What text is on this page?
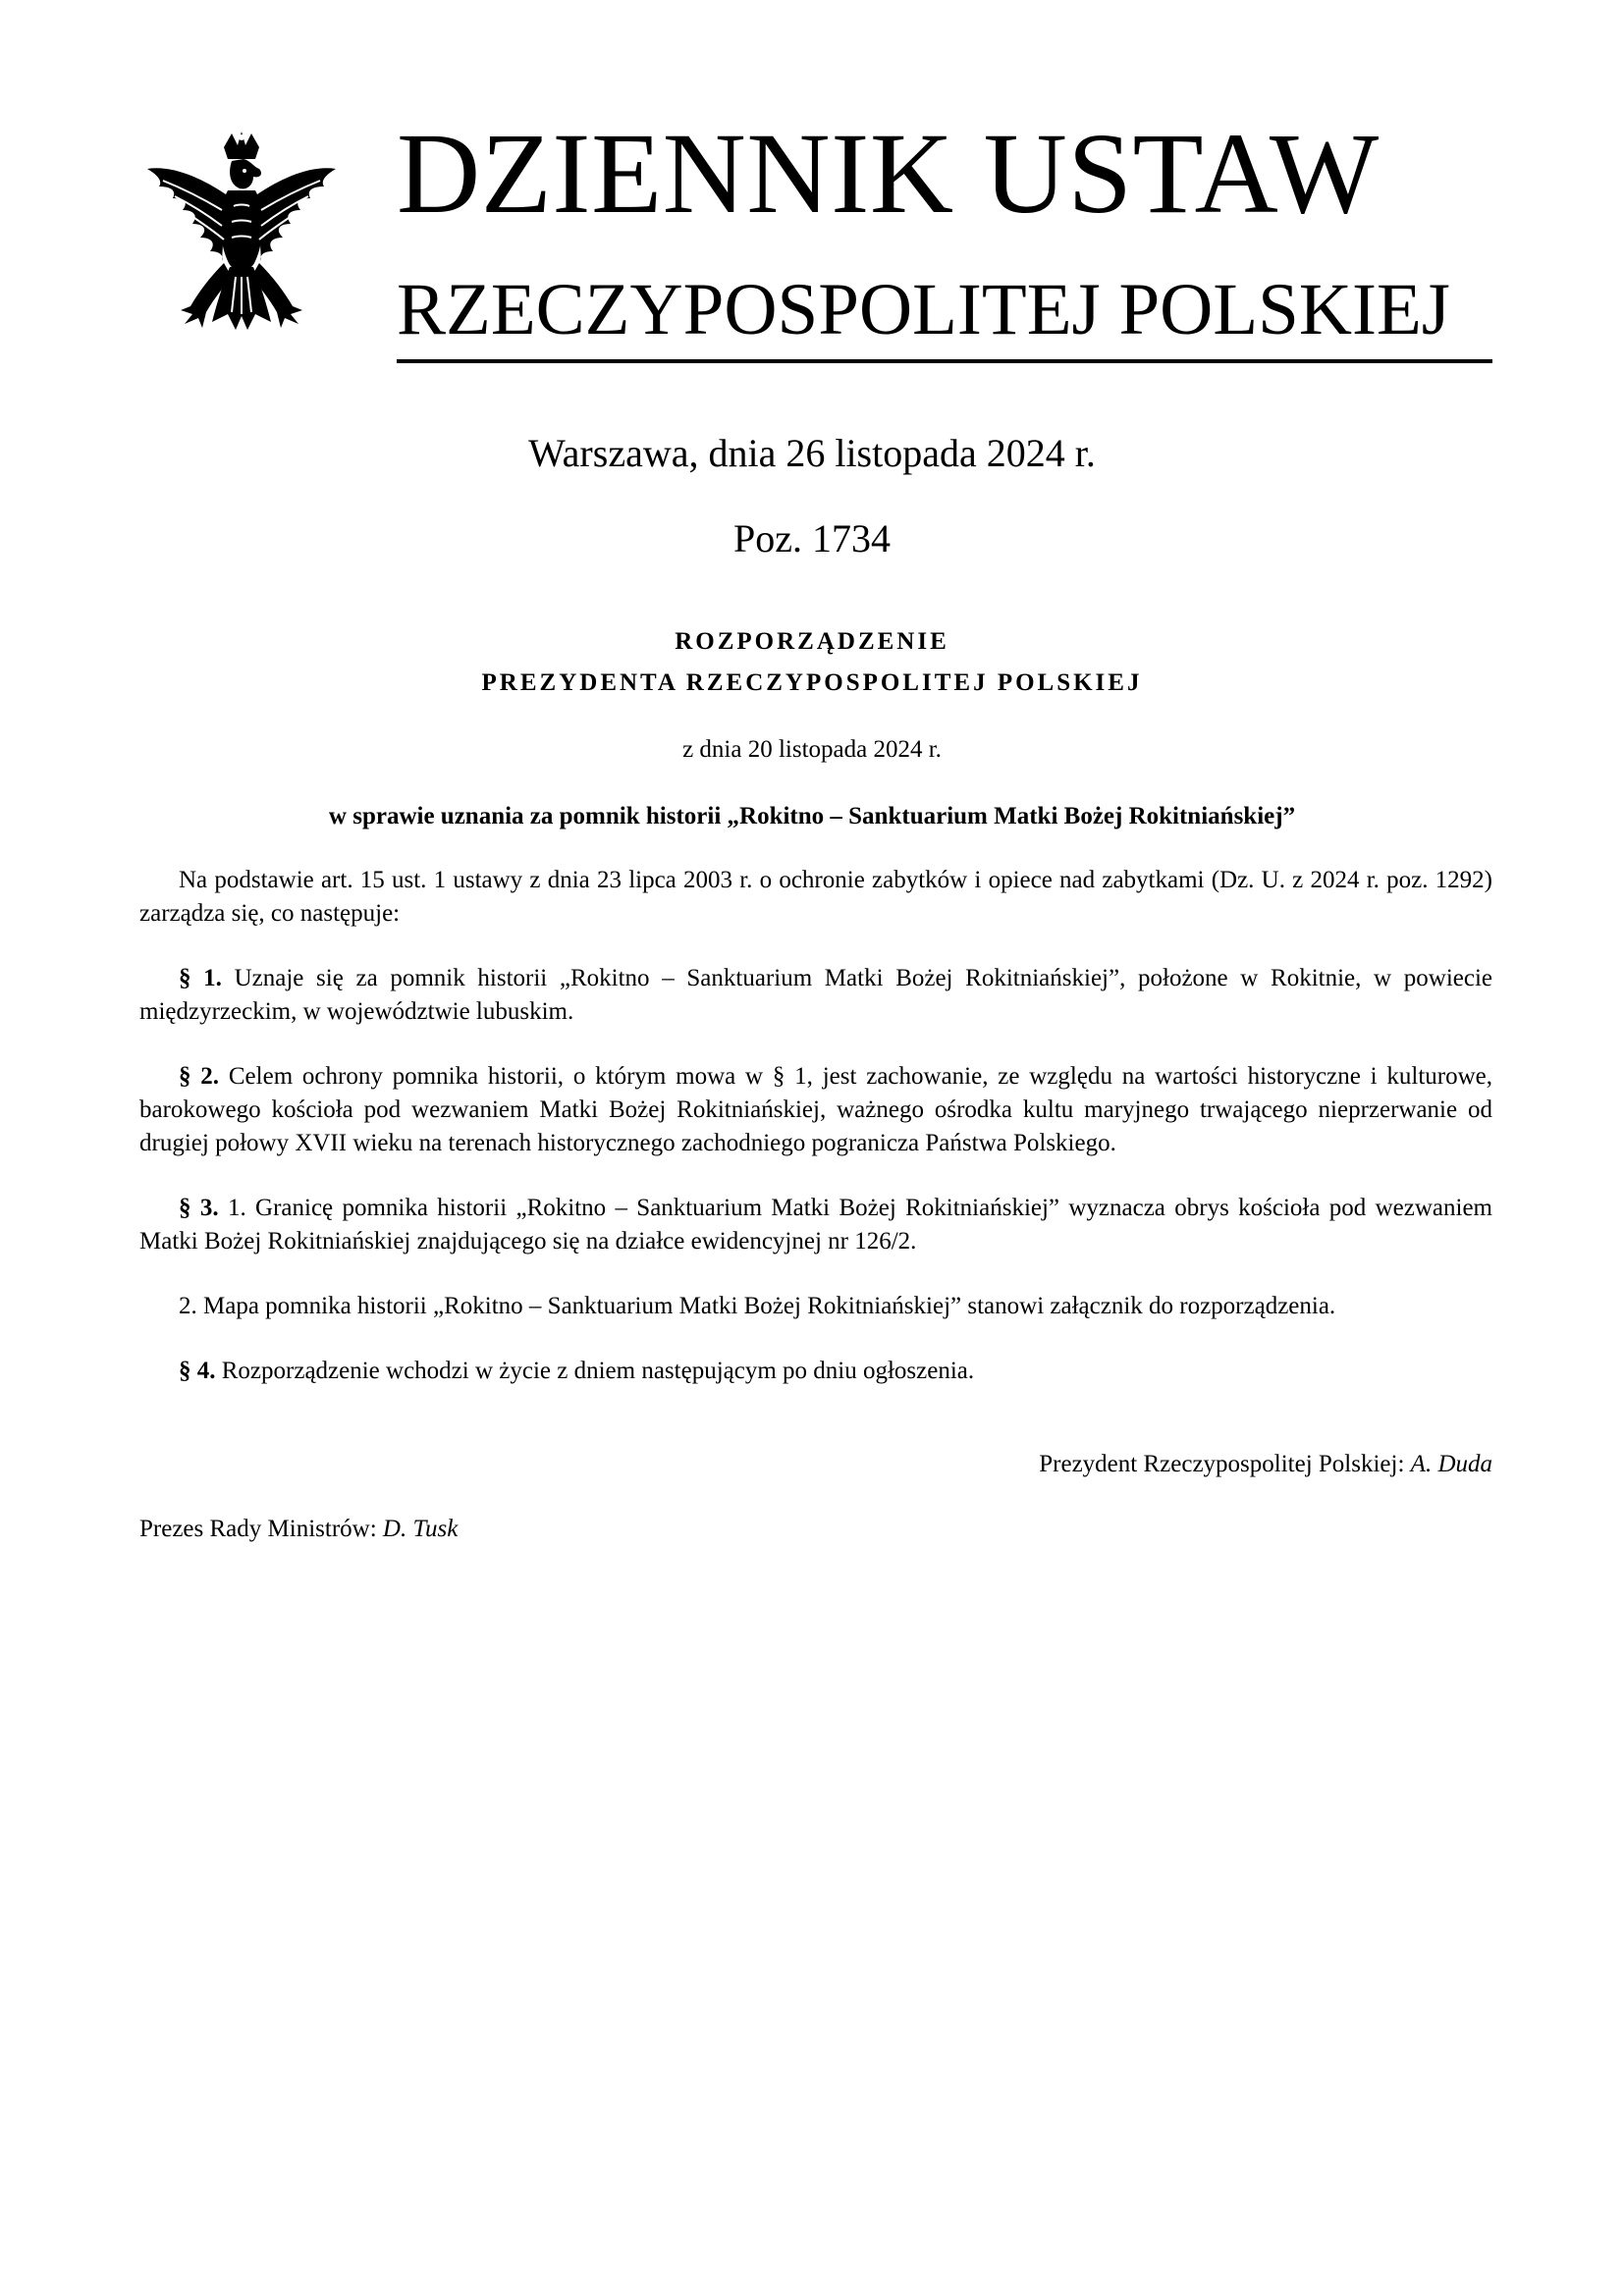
DZIENNIK USTAW
RZECZYPOSPOLITEJ POLSKIEJ
Warszawa, dnia 26 listopada 2024 r.
Poz. 1734
ROZPORZĄDZENIE
PREZYDENTA RZECZYPOSPOLITEJ POLSKIEJ
z dnia 20 listopada 2024 r.
w sprawie uznania za pomnik historii „Rokitno – Sanktuarium Matki Bożej Rokitniańskiej”

Na podstawie art. 15 ust. 1 ustawy z dnia 23 lipca 2003 r. o ochronie zabytków i opiece nad zabytkami (Dz. U. z 2024 r. poz. 1292) zarządza się, co następuje:

§ 1. Uznaje się za pomnik historii „Rokitno – Sanktuarium Matki Bożej Rokitniańskiej”, położone w Rokitnie, w powiecie międzyrzeckim, w województwie lubuskim.

§ 2. Celem ochrony pomnika historii, o którym mowa w § 1, jest zachowanie, ze względu na wartości historyczne i kulturowe, barokowego kościoła pod wezwaniem Matki Bożej Rokitniańskiej, ważnego ośrodka kultu maryjnego trwającego nieprzerwanie od drugiej połowy XVII wieku na terenach historycznego zachodniego pogranicza Państwa Polskiego.

§ 3. 1. Granicę pomnika historii „Rokitno – Sanktuarium Matki Bożej Rokitniańskiej” wyznacza obrys kościoła pod wezwaniem Matki Bożej Rokitniańskiej znajdującego się na działce ewidencyjnej nr 126/2.

2. Mapa pomnika historii „Rokitno – Sanktuarium Matki Bożej Rokitniańskiej” stanowi załącznik do rozporządzenia.

§ 4. Rozporządzenie wchodzi w życie z dniem następującym po dniu ogłoszenia.

Prezydent Rzeczypospolitej Polskiej: A. Duda
Prezes Rady Ministrów: D. Tusk
